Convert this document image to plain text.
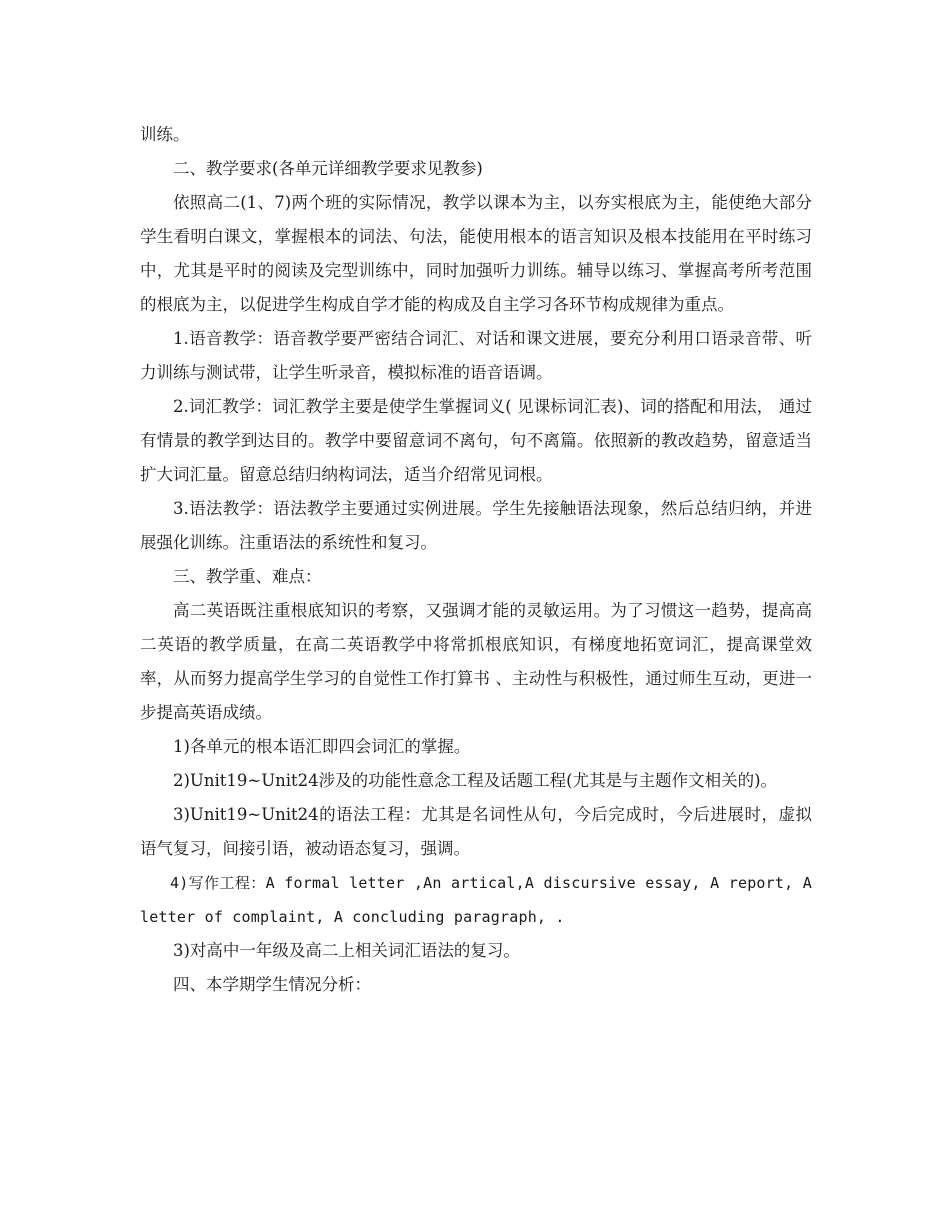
训练。

二、教学要求(各单元详细教学要求见教参)

依照高二(1、7)两个班的实际情况，教学以课本为主，以夯实根底为主，能使绝大部分学生看明白课文，掌握根本的词法、句法，能使用根本的语言知识及根本技能用在平时练习中，尤其是平时的阅读及完型训练中，同时加强听力训练。辅导以练习、掌握高考所考范围的根底为主，以促进学生构成自学才能的构成及自主学习各环节构成规律为重点。

1.语音教学：语音教学要严密结合词汇、对话和课文进展，要充分利用口语录音带、听力训练与测试带，让学生听录音，模拟标准的语音语调。

2.词汇教学：词汇教学主要是使学生掌握词义( 见课标词汇表)、词的搭配和用法， 通过有情景的教学到达目的。教学中要留意词不离句，句不离篇。依照新的教改趋势，留意适当扩大词汇量。留意总结归纳构词法，适当介绍常见词根。

3.语法教学：语法教学主要通过实例进展。学生先接触语法现象，然后总结归纳，并进展强化训练。注重语法的系统性和复习。

三、教学重、难点：

高二英语既注重根底知识的考察，又强调才能的灵敏运用。为了习惯这一趋势，提高高二英语的教学质量，在高二英语教学中将常抓根底知识，有梯度地拓宽词汇，提高课堂效率，从而努力提高学生学习的自觉性工作打算书 、主动性与积极性，通过师生互动，更进一步提高英语成绩。

1)各单元的根本语汇即四会词汇的掌握。

2)Unit19~Unit24涉及的功能性意念工程及话题工程(尤其是与主题作文相关的)。

3)Unit19~Unit24的语法工程：尤其是名词性从句，今后完成时，今后进展时，虚拟语气复习，间接引语，被动语态复习，强调。

4)写作工程：A formal letter ,An artical,A discursive essay, A report, A letter of complaint, A concluding paragraph, .

3)对高中一年级及高二上相关词汇语法的复习。

四、本学期学生情况分析：
